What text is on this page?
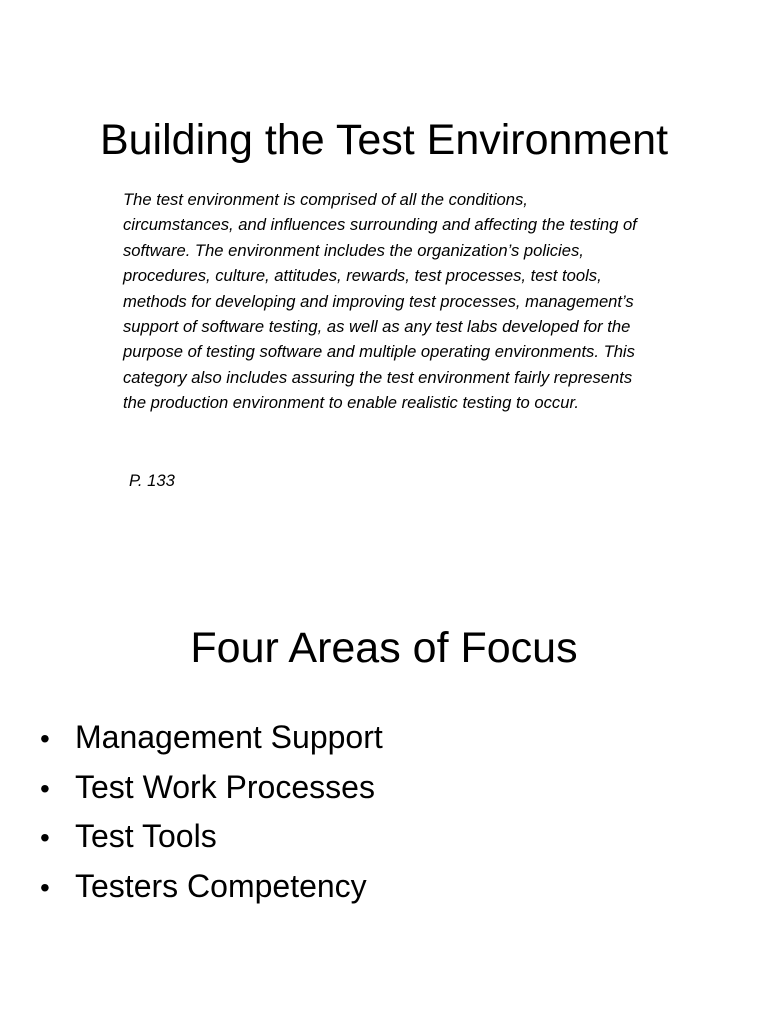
Building the Test Environment

The test environment is comprised of all the conditions, circumstances, and influences surrounding and affecting the testing of software. The environment includes the organization’s policies, procedures, culture, attitudes, rewards, test processes, test tools, methods for developing and improving test processes, management’s support of software testing, as well as any test labs developed for the purpose of testing software and multiple operating environments. This category also includes assuring the test environment fairly represents the production environment to enable realistic testing to occur.

P. 133
Four Areas of Focus
• Management Support
• Test Work Processes
• Test Tools
• Testers Competency
